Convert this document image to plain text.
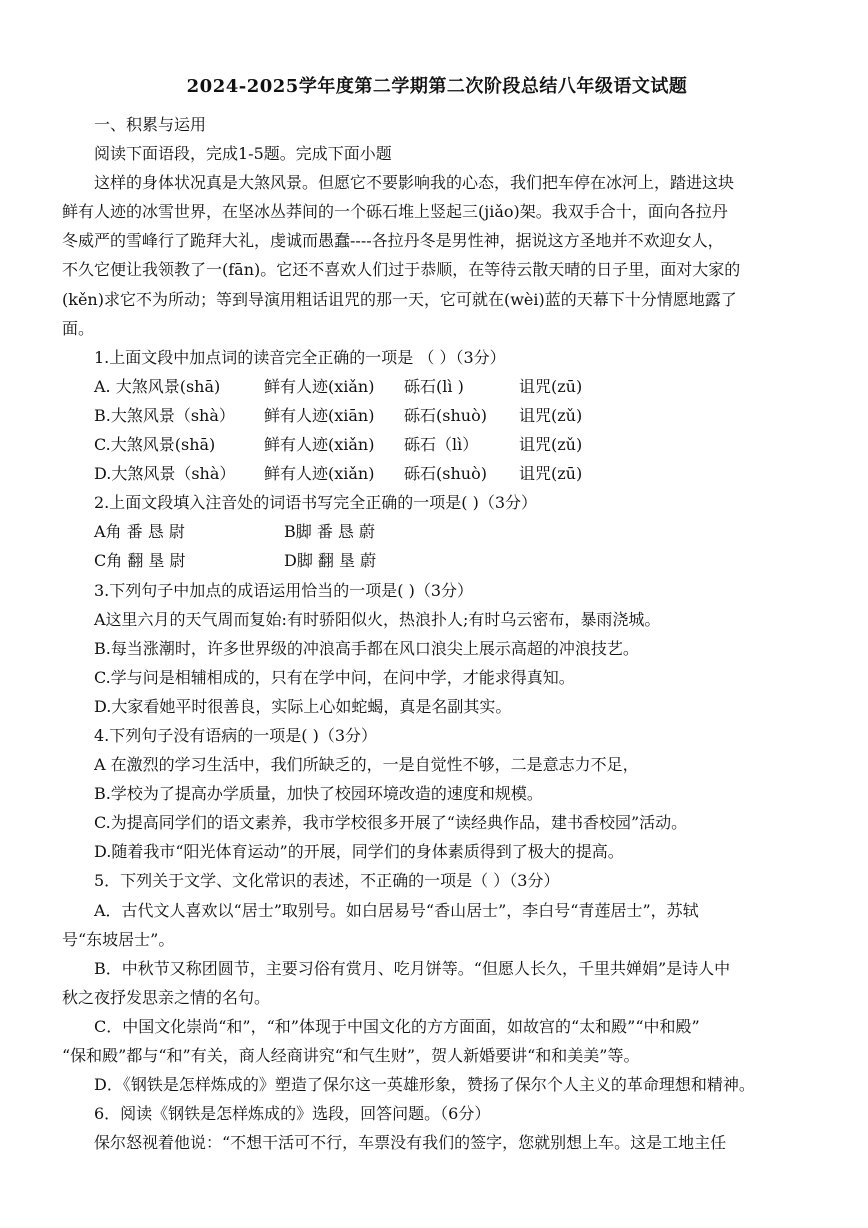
2024-2025学年度第二学期第二次阶段总结八年级语文试题
一、积累与运用
阅读下面语段，完成1-5题。完成下面小题
这样的身体状况真是大煞风景。但愿它不要影响我的心态，我们把车停在冰河上，踏进这块
鲜有人迹的冰雪世界，在坚冰丛莽间的一个砾石堆上竖起三(jiǎo)架。我双手合十，面向各拉丹
冬威严的雪峰行了跪拜大礼，虔诚而愚蠢----各拉丹冬是男性神，据说这方圣地并不欢迎女人，
不久它便让我领教了一(fān)。它还不喜欢人们过于恭顺，在等待云散天晴的日子里，面对大家的
(kěn)求它不为所动；等到导演用粗话诅咒的那一天，它可就在(wèi)蓝的天幕下十分情愿地露了
面。
1.上面文段中加点词的读音完全正确的一项是 （ ）（3分）
A. 大煞风景(shā)	鲜有人迹(xiǎn)	砾石(lì )	诅咒(zū)
B.大煞风景（shà）	鲜有人迹(xiān)	砾石(shuò)	诅咒(zǔ)
C.大煞风景(shā)	鲜有人迹(xiǎn)	砾石（lì）	诅咒(zǔ)
D.大煞风景（shà）	鲜有人迹(xiǎn)	砾石(shuò)	诅咒(zū)
2.上面文段填入注音处的词语书写完全正确的一项是( )（3分）
A角 番 恳 尉	B脚 番 恳 蔚
C角 翻 垦 尉	D脚 翻 垦 蔚
3.下列句子中加点的成语运用恰当的一项是( )（3分）
A这里六月的天气周而复始:有时骄阳似火，热浪扑人;有时乌云密布，暴雨浇城。
B.每当涨潮时，许多世界级的冲浪高手都在风口浪尖上展示高超的冲浪技艺。
C.学与问是相辅相成的，只有在学中问，在问中学，才能求得真知。
D.大家看她平时很善良，实际上心如蛇蝎，真是名副其实。
4.下列句子没有语病的一项是( )（3分）
A 在激烈的学习生活中，我们所缺乏的，一是自觉性不够，二是意志力不足，
B.学校为了提高办学质量，加快了校园环境改造的速度和规模。
C.为提高同学们的语文素养，我市学校很多开展了“读经典作品，建书香校园”活动。
D.随着我市“阳光体育运动”的开展，同学们的身体素质得到了极大的提高。
5．下列关于文学、文化常识的表述，不正确的一项是（ ）（3分）
A．古代文人喜欢以“居士”取别号。如白居易号“香山居士”，李白号“青莲居士”，苏轼
号“东坡居士”。
B．中秋节又称团圆节，主要习俗有赏月、吃月饼等。“但愿人长久，千里共婵娟”是诗人中
秋之夜抒发思亲之情的名句。
C．中国文化崇尚“和”，“和”体现于中国文化的方方面面，如故宫的“太和殿”“中和殿”
“保和殿”都与“和”有关，商人经商讲究“和气生财”，贺人新婚要讲“和和美美”等。
D．《钢铁是怎样炼成的》塑造了保尔这一英雄形象，赞扬了保尔个人主义的革命理想和精神。
6．阅读《钢铁是怎样炼成的》选段，回答问题。（6分）
保尔怒视着他说：“不想干活可不行，车票没有我们的签字，您就别想上车。这是工地主任
